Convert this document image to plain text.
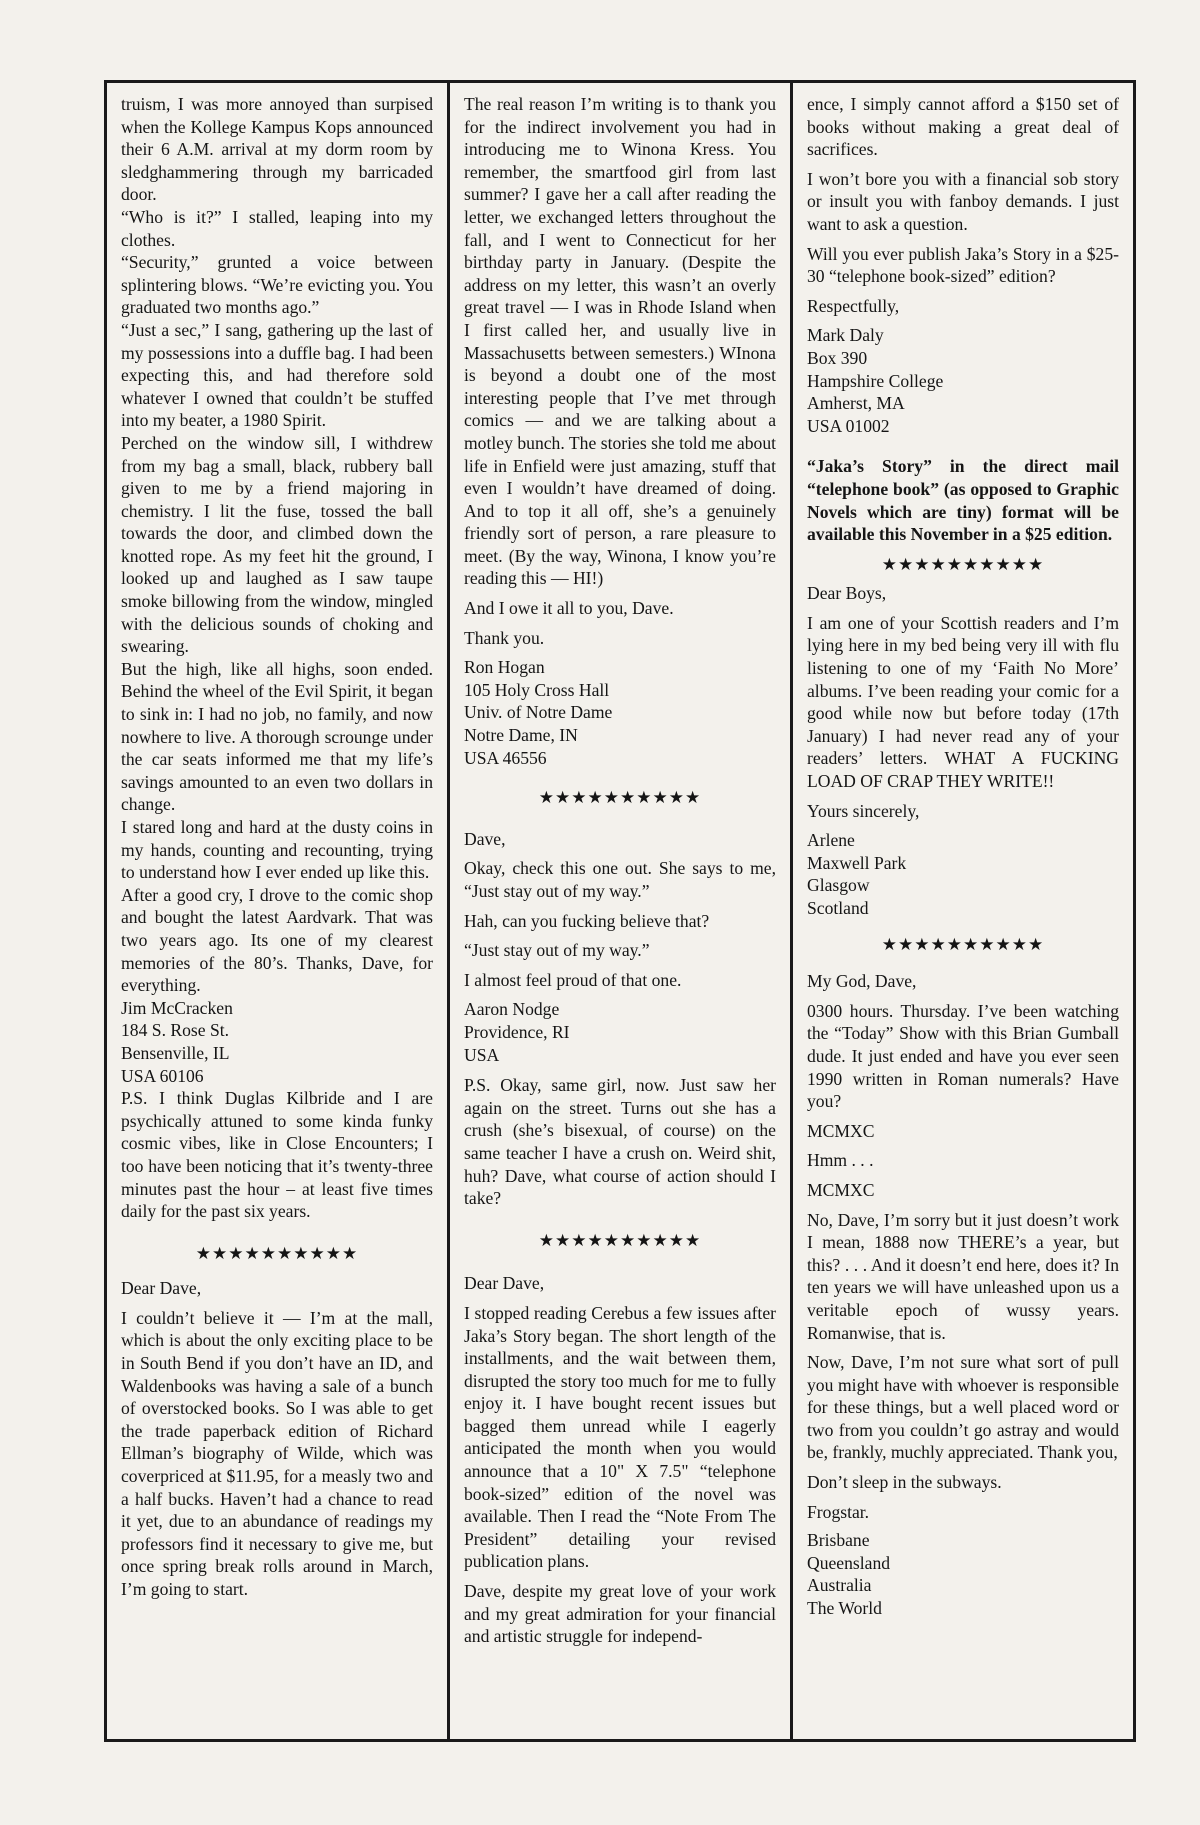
truism, I was more annoyed than surpised when the Kollege Kampus Kops announced their 6 A.M. arrival at my dorm room by sledghammering through my barricaded door.

“Who is it?” I stalled, leaping into my clothes.

“Security,” grunted a voice between splintering blows. “We’re evicting you. You graduated two months ago.”

“Just a sec,” I sang, gathering up the last of my possessions into a duffle bag. I had been expecting this, and had therefore sold whatever I owned that couldn’t be stuffed into my beater, a 1980 Spirit.

Perched on the window sill, I withdrew from my bag a small, black, rubbery ball given to me by a friend majoring in chemistry. I lit the fuse, tossed the ball towards the door, and climbed down the knotted rope. As my feet hit the ground, I looked up and laughed as I saw taupe smoke billowing from the window, mingled with the delicious sounds of choking and swearing.

But the high, like all highs, soon ended. Behind the wheel of the Evil Spirit, it began to sink in: I had no job, no family, and now nowhere to live. A thorough scrounge under the car seats informed me that my life’s savings amounted to an even two dollars in change.

I stared long and hard at the dusty coins in my hands, counting and recounting, trying to understand how I ever ended up like this.

After a good cry, I drove to the comic shop and bought the latest Aardvark. That was two years ago. Its one of my clearest memories of the 80’s. Thanks, Dave, for everything.

Jim McCracken
184 S. Rose St.
Bensenville, IL
USA 60106

P.S. I think Duglas Kilbride and I are psychically attuned to some kinda funky cosmic vibes, like in Close Encounters; I too have been noticing that it’s twenty-three minutes past the hour – at least five times daily for the past six years.

★★★★★★★★★★

Dear Dave,

I couldn’t believe it — I’m at the mall, which is about the only exciting place to be in South Bend if you don’t have an ID, and Waldenbooks was having a sale of a bunch of overstocked books. So I was able to get the trade paperback edition of Richard Ellman’s biography of Wilde, which was coverpriced at $11.95, for a measly two and a half bucks. Haven’t had a chance to read it yet, due to an abundance of readings my professors find it necessary to give me, but once spring break rolls around in March, I’m going to start.

The real reason I’m writing is to thank you for the indirect involvement you had in introducing me to Winona Kress. You remember, the smartfood girl from last summer? I gave her a call after reading the letter, we exchanged letters throughout the fall, and I went to Connecticut for her birthday party in January. (Despite the address on my letter, this wasn’t an overly great travel — I was in Rhode Island when I first called her, and usually live in Massachusetts between semesters.) WInona is beyond a doubt one of the most interesting people that I’ve met through comics — and we are talking about a motley bunch. The stories she told me about life in Enfield were just amazing, stuff that even I wouldn’t have dreamed of doing. And to top it all off, she’s a genuinely friendly sort of person, a rare pleasure to meet. (By the way, Winona, I know you’re reading this — HI!)

And I owe it all to you, Dave.

Thank you.

Ron Hogan
105 Holy Cross Hall
Univ. of Notre Dame
Notre Dame, IN
USA 46556
★★★★★★★★★★

Dave,

Okay, check this one out. She says to me, “Just stay out of my way.”

Hah, can you fucking believe that?

“Just stay out of my way.”

I almost feel proud of that one.

Aaron Nodge
Providence, RI
USA

P.S. Okay, same girl, now. Just saw her again on the street. Turns out she has a crush (she’s bisexual, of course) on the same teacher I have a crush on. Weird shit, huh? Dave, what course of action should I take?

★★★★★★★★★★

Dear Dave,

I stopped reading Cerebus a few issues after Jaka’s Story began. The short length of the installments, and the wait between them, disrupted the story too much for me to fully enjoy it. I have bought recent issues but bagged them unread while I eagerly anticipated the month when you would announce that a 10" X 7.5" “telephone book-sized” edition of the novel was available. Then I read the “Note From The President” detailing your revised publication plans.

Dave, despite my great love of your work and my great admiration for your financial and artistic struggle for independ-

ence, I simply cannot afford a $150 set of books without making a great deal of sacrifices.

I won’t bore you with a financial sob story or insult you with fanboy demands. I just want to ask a question.

Will you ever publish Jaka’s Story in a $25-30 “telephone book-sized” edition?

Respectfully,

Mark Daly
Box 390
Hampshire College
Amherst, MA
USA 01002

“Jaka’s Story” in the direct mail “telephone book” (as opposed to Graphic Novels which are tiny) format will be available this November in a $25 edition.

★★★★★★★★★★

Dear Boys,

I am one of your Scottish readers and I’m lying here in my bed being very ill with flu listening to one of my ‘Faith No More’ albums. I’ve been reading your comic for a good while now but before today (17th January) I had never read any of your readers’ letters. WHAT A FUCKING LOAD OF CRAP THEY WRITE!!

Yours sincerely,

Arlene
Maxwell Park
Glasgow
Scotland
★★★★★★★★★★

My God, Dave,

0300 hours. Thursday. I’ve been watching the “Today” Show with this Brian Gumball dude. It just ended and have you ever seen 1990 written in Roman numerals? Have you?

MCMXC

Hmm . . .

MCMXC

No, Dave, I’m sorry but it just doesn’t work I mean, 1888 now THERE’s a year, but this? . . . And it doesn’t end here, does it? In ten years we will have unleashed upon us a veritable epoch of wussy years. Romanwise, that is.

Now, Dave, I’m not sure what sort of pull you might have with whoever is responsible for these things, but a well placed word or two from you couldn’t go astray and would be, frankly, muchly appreciated. Thank you,

Don’t sleep in the subways.

Frogstar.

Brisbane
Queensland
Australia
The World
